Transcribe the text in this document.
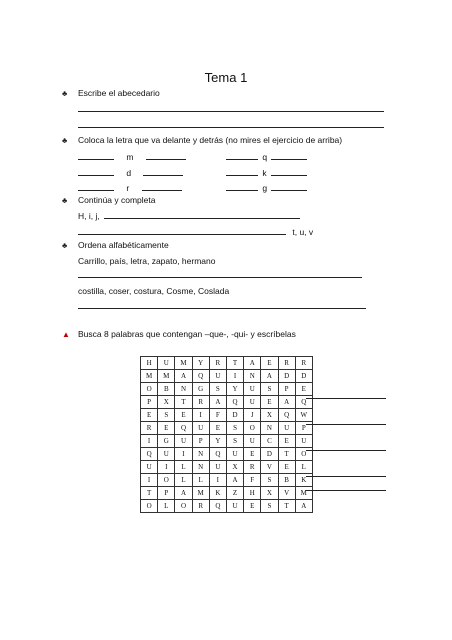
Tema 1
♣ Escribe el abecedario
♣ Coloca la letra que va delante y detrás (no mires el ejercicio de arriba)
m	q
d	k
r	g
♣ Continúa y completa
H, i, j,
t, u, v
♣ Ordena alfabéticamente
Carrillo, país, letra, zapato, hermano
costilla, coser, costura, Cosme, Coslada
▲ Busca 8 palabras que contengan –que-, -qui- y escríbelas
H	U	M	Y	R	T	A	E	R	R
M	M	A	Q	U	I	N	A	D	D
O	B	N	G	S	Y	U	S	P	E
P	X	T	R	A	Q	U	E	A	Q
E	S	E	I	F	D	J	X	Q	W
R	E	Q	U	E	S	O	N	U	P
I	G	U	P	Y	S	U	C	E	U
Q	U	I	N	Q	U	E	D	T	O
U	I	L	N	U	X	R	V	E	L
I	O	L	L	I	A	F	S	B	K
T	P	A	M	K	Z	H	X	V	M
O	L	O	R	Q	U	E	S	T	A
